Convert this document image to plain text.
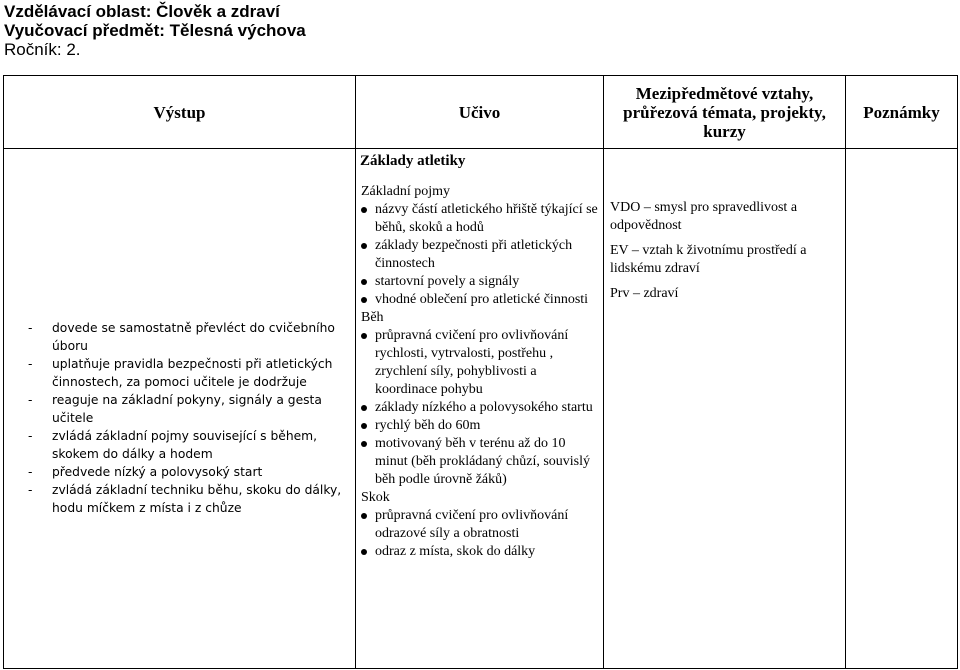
Vzdělávací oblast: Člověk a zdraví
Vyučovací předmět: Tělesná výchova
Ročník: 2.
Výstup	Učivo
Mezipředmětové vztahy, průřezová témata, projekty, kurzy
Poznámky
Základy atletiky
- dovede se samostatně převléct do cvičebního úboru
- uplatňuje pravidla bezpečnosti při atletických činnostech, za pomoci učitele je dodržuje
- reaguje na základní pokyny, signály a gesta učitele
- zvládá základní pojmy související s během, skokem do dálky a hodem
- předvede nízký a polovysoký start
- zvládá základní techniku běhu, skoku do dálky, hodu míčkem z místa i z chůze
Základní pojmy
názvy částí atletického hřiště týkající se běhů, skoků a hodů
základy bezpečnosti při atletických činnostech
startovní povely a signály
vhodné oblečení pro atletické činnosti
Běh
průpravná cvičení pro ovlivňování rychlosti, vytrvalosti, postřehu , zrychlení síly, pohyblivosti a koordinace pohybu
základy nízkého a polovysokého startu
rychlý běh do 60m
motivovaný běh v terénu až do 10 minut (běh prokládaný chůzí, souvislý běh podle úrovně žáků)
Skok
průpravná cvičení pro ovlivňování odrazové síly a obratnosti
odraz z místa, skok do dálky
VDO – smysl pro spravedlivost a odpovědnost
EV – vztah k životnímu prostředí a lidskému zdraví
Prv – zdraví
